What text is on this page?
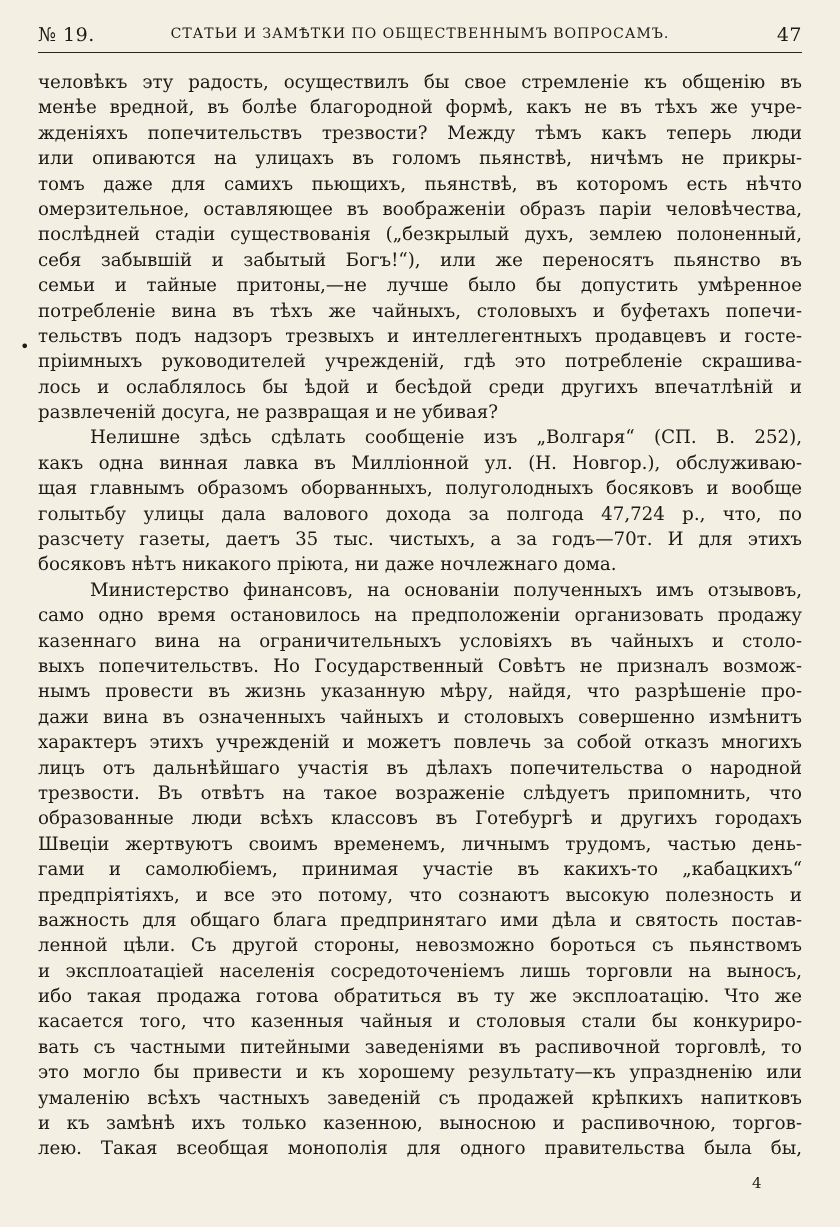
№ 19.	СТАТЬИ И ЗАМѢТКИ ПО ОБЩЕСТВЕННЫМЪ ВОПРОСАМЪ.	47
•
человѣкъ эту радость, осуществилъ бы свое стремленіе къ общенію въ
менѣе вредной, въ болѣе благородной формѣ, какъ не въ тѣхъ же учре-
жденіяхъ попечительствъ трезвости? Между тѣмъ какъ теперь люди
или опиваются на улицахъ въ голомъ пьянствѣ, ничѣмъ не прикры-
томъ даже для самихъ пьющихъ, пьянствѣ, въ которомъ есть нѣчто
омерзительное, оставляющее въ воображеніи образъ паріи человѣчества,
послѣдней стадіи существованія („безкрылый духъ, землею полоненный,
себя забывшій и забытый Богъ!“), или же переносятъ пьянство въ
семьи и тайные притоны,—не лучше было бы допустить умѣренное
потребленіе вина въ тѣхъ же чайныхъ, столовыхъ и буфетахъ попечи-
тельствъ подъ надзоръ трезвыхъ и интеллегентныхъ продавцевъ и госте-
пріимныхъ руководителей учрежденій, гдѣ это потребленіе скрашива-
лось и ослаблялось бы ѣдой и бесѣдой среди другихъ впечатлѣній и
развлеченій досуга, не развращая и не убивая?
Нелишне здѣсь сдѣлать сообщеніе изъ „Волгаря“ (СП. В. 252),
какъ одна винная лавка въ Милліонной ул. (Н. Новгор.), обслуживаю-
щая главнымъ образомъ оборванныхъ, полуголодныхъ босяковъ и вообще
голытьбу улицы дала валового дохода за полгода 47,724 р., что, по
разсчету газеты, даетъ 35 тыс. чистыхъ, а за годъ—70т. И для этихъ
босяковъ нѣтъ никакого пріюта, ни даже ночлежнаго дома.
Министерство финансовъ, на основаніи полученныхъ имъ отзывовъ,
само одно время остановилось на предположеніи организовать продажу
казеннаго вина на ограничительныхъ условіяхъ въ чайныхъ и столо-
выхъ попечительствъ. Но Государственный Совѣтъ не призналъ возмож-
нымъ провести въ жизнь указанную мѣру, найдя, что разрѣшеніе про-
дажи вина въ означенныхъ чайныхъ и столовыхъ совершенно измѣнитъ
характеръ этихъ учрежденій и можетъ повлечь за собой отказъ многихъ
лицъ отъ дальнѣйшаго участія въ дѣлахъ попечительства о народной
трезвости. Въ отвѣтъ на такое возраженіе слѣдуетъ припомнить, что
образованные люди всѣхъ классовъ въ Готебургѣ и другихъ городахъ
Швеціи жертвуютъ своимъ временемъ, личнымъ трудомъ, частью день-
гами и самолюбіемъ, принимая участіе въ какихъ-то „кабацкихъ“
предпріятіяхъ, и все это потому, что сознаютъ высокую полезность и
важность для общаго блага предпринятаго ими дѣла и святость постав-
ленной цѣли. Съ другой стороны, невозможно бороться съ пьянствомъ
и эксплоатаціей населенія сосредоточеніемъ лишь торговли на выносъ,
ибо такая продажа готова обратиться въ ту же эксплоатацію. Что же
касается того, что казенныя чайныя и столовыя стали бы конкуриро-
вать съ частными питейными заведеніями въ распивочной торговлѣ, то
это могло бы привести и къ хорошему результату—къ упраздненію или
умаленію всѣхъ частныхъ заведеній съ продажей крѣпкихъ напитковъ
и къ замѣнѣ ихъ только казенною, выносною и распивочною, торгов-
лею. Такая всеобщая монополія для одного правительства была бы,
4
